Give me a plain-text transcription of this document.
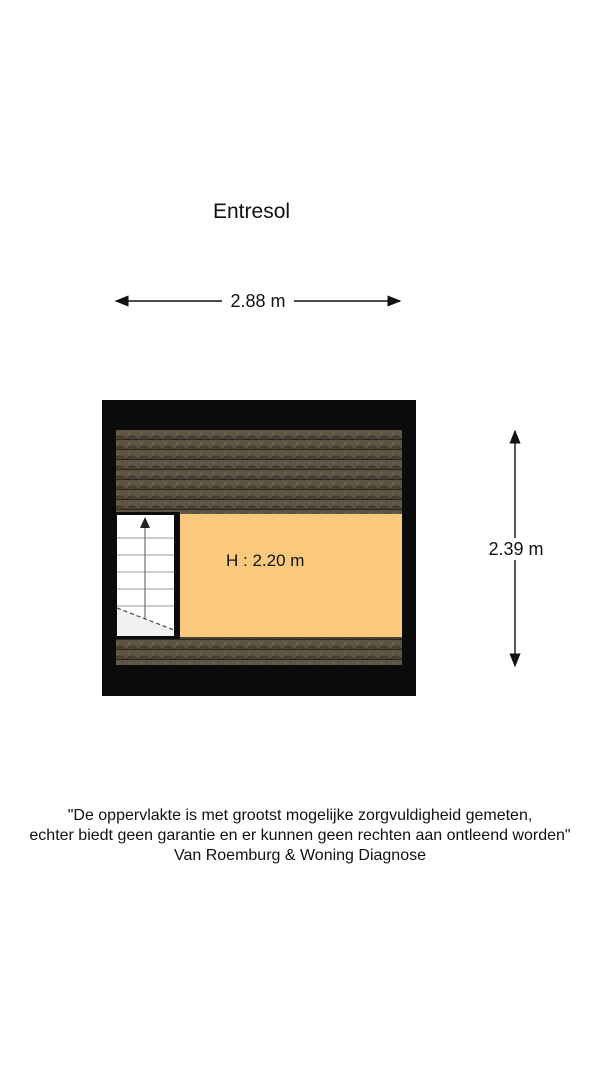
Entresol
2.88 m
2.39 m
H : 2.20 m
"De oppervlakte is met grootst mogelijke zorgvuldigheid gemeten,
echter biedt geen garantie en er kunnen geen rechten aan ontleend worden"
Van Roemburg & Woning Diagnose
